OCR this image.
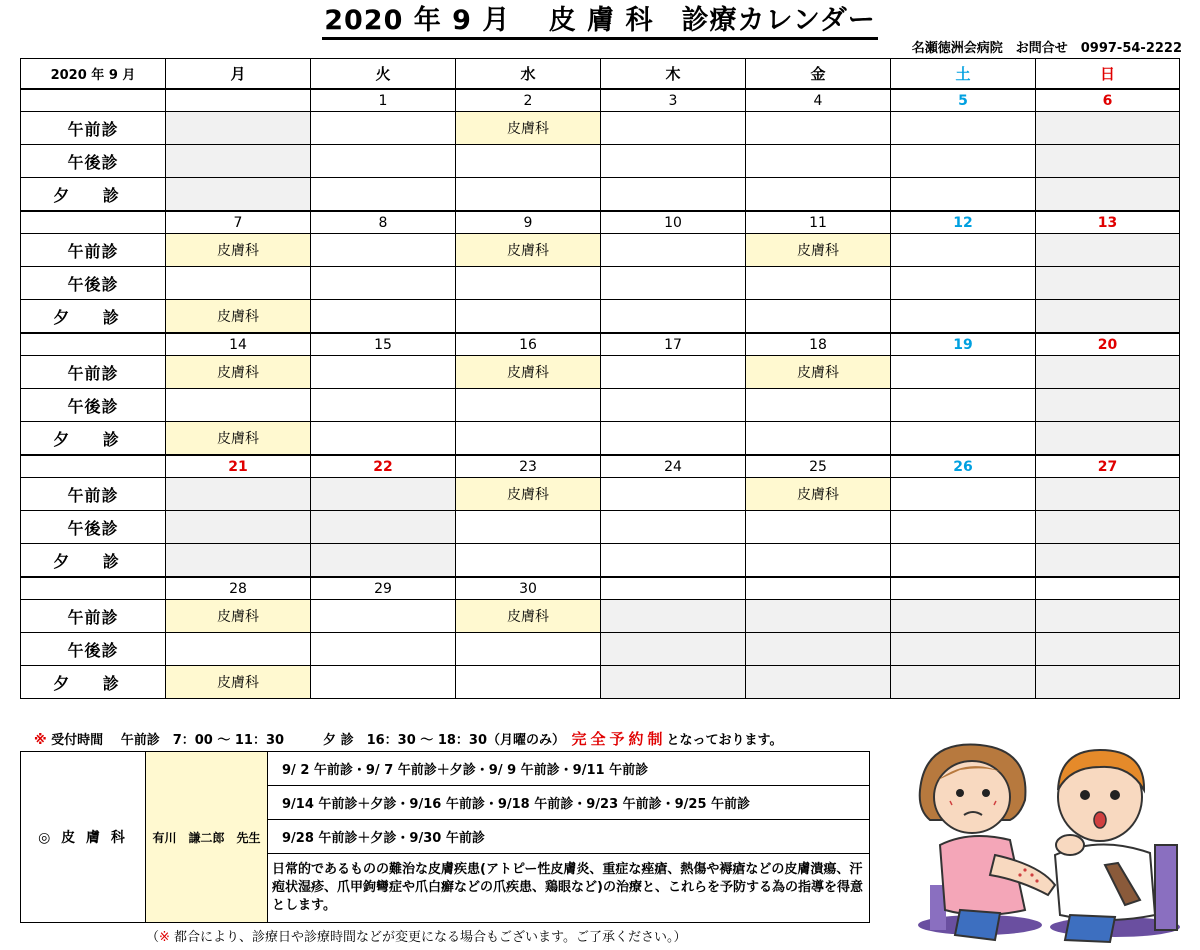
2020 年 9 月　 皮 膚 科　診療カレンダー
名瀬徳洲会病院　お問合せ　0997-54-2222
2020 年 9 月	月	火	水	木	金	土	日
		1	2	3	4	5	6
午前診			皮膚科				
午後診							
夕 診							
	7	8	9	10	11	12	13
午前診	皮膚科		皮膚科		皮膚科		
午後診							
夕 診	皮膚科						
	14	15	16	17	18	19	20
午前診	皮膚科		皮膚科		皮膚科		
午後診							
夕 診	皮膚科						
	21	22	23	24	25	26	27
午前診			皮膚科		皮膚科		
午後診							
夕 診							
	28	29	30				
午前診	皮膚科		皮膚科				
午後診							
夕 診	皮膚科						
※ 受付時間　 午前診　7：00 ～ 11：30　　　夕 診　16：30 ～ 18：30（月曜のみ）　完全予約制となっております。
◎ 皮 膚 科	有川　謙二郎　先生	9/ 2 午前診・9/ 7 午前診＋夕診・9/ 9 午前診・9/11 午前診
9/14 午前診＋夕診・9/16 午前診・9/18 午前診・9/23 午前診・9/25 午前診
9/28 午前診＋夕診・9/30 午前診
日常的であるものの難治な皮膚疾患(アトピー性皮膚炎、重症な痤瘡、熱傷や褥瘡などの皮膚潰瘍、汗疱状湿疹、爪甲鉤彎症や爪白癬などの爪疾患、鶏眼など)の治療と、これらを予防する為の指導を得意とします。
（※ 都合により、診療日や診療時間などが変更になる場合もございます。ご了承ください。）
